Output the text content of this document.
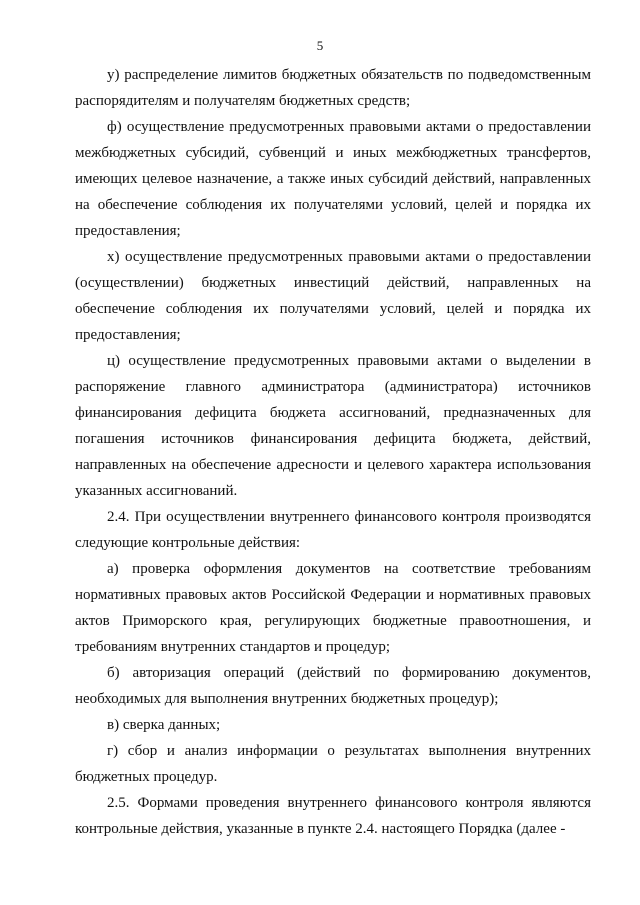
5

у) распределение лимитов бюджетных обязательств по подведомственным распорядителям и получателям бюджетных средств;

ф) осуществление предусмотренных правовыми актами о предоставлении межбюджетных субсидий, субвенций и иных межбюджетных трансфертов, имеющих целевое назначение, а также иных субсидий действий, направленных на обеспечение соблюдения их получателями условий, целей и порядка их предоставления;

х) осуществление предусмотренных правовыми актами о предоставлении (осуществлении) бюджетных инвестиций действий, направленных на обеспечение соблюдения их получателями условий, целей и порядка их предоставления;

ц) осуществление предусмотренных правовыми актами о выделении в распоряжение главного администратора (администратора) источников финансирования дефицита бюджета ассигнований, предназначенных для погашения источников финансирования дефицита бюджета, действий, направленных на обеспечение адресности и целевого характера использования указанных ассигнований.

2.4. При осуществлении внутреннего финансового контроля производятся следующие контрольные действия:

а) проверка оформления документов на соответствие требованиям нормативных правовых актов Российской Федерации и нормативных правовых актов Приморского края, регулирующих бюджетные правоотношения, и требованиям внутренних стандартов и процедур;

б) авторизация операций (действий по формированию документов, необходимых для выполнения внутренних бюджетных процедур);

в) сверка данных;

г) сбор и анализ информации о результатах выполнения внутренних бюджетных процедур.

2.5. Формами проведения внутреннего финансового контроля являются контрольные действия, указанные в пункте 2.4. настоящего Порядка (далее -
